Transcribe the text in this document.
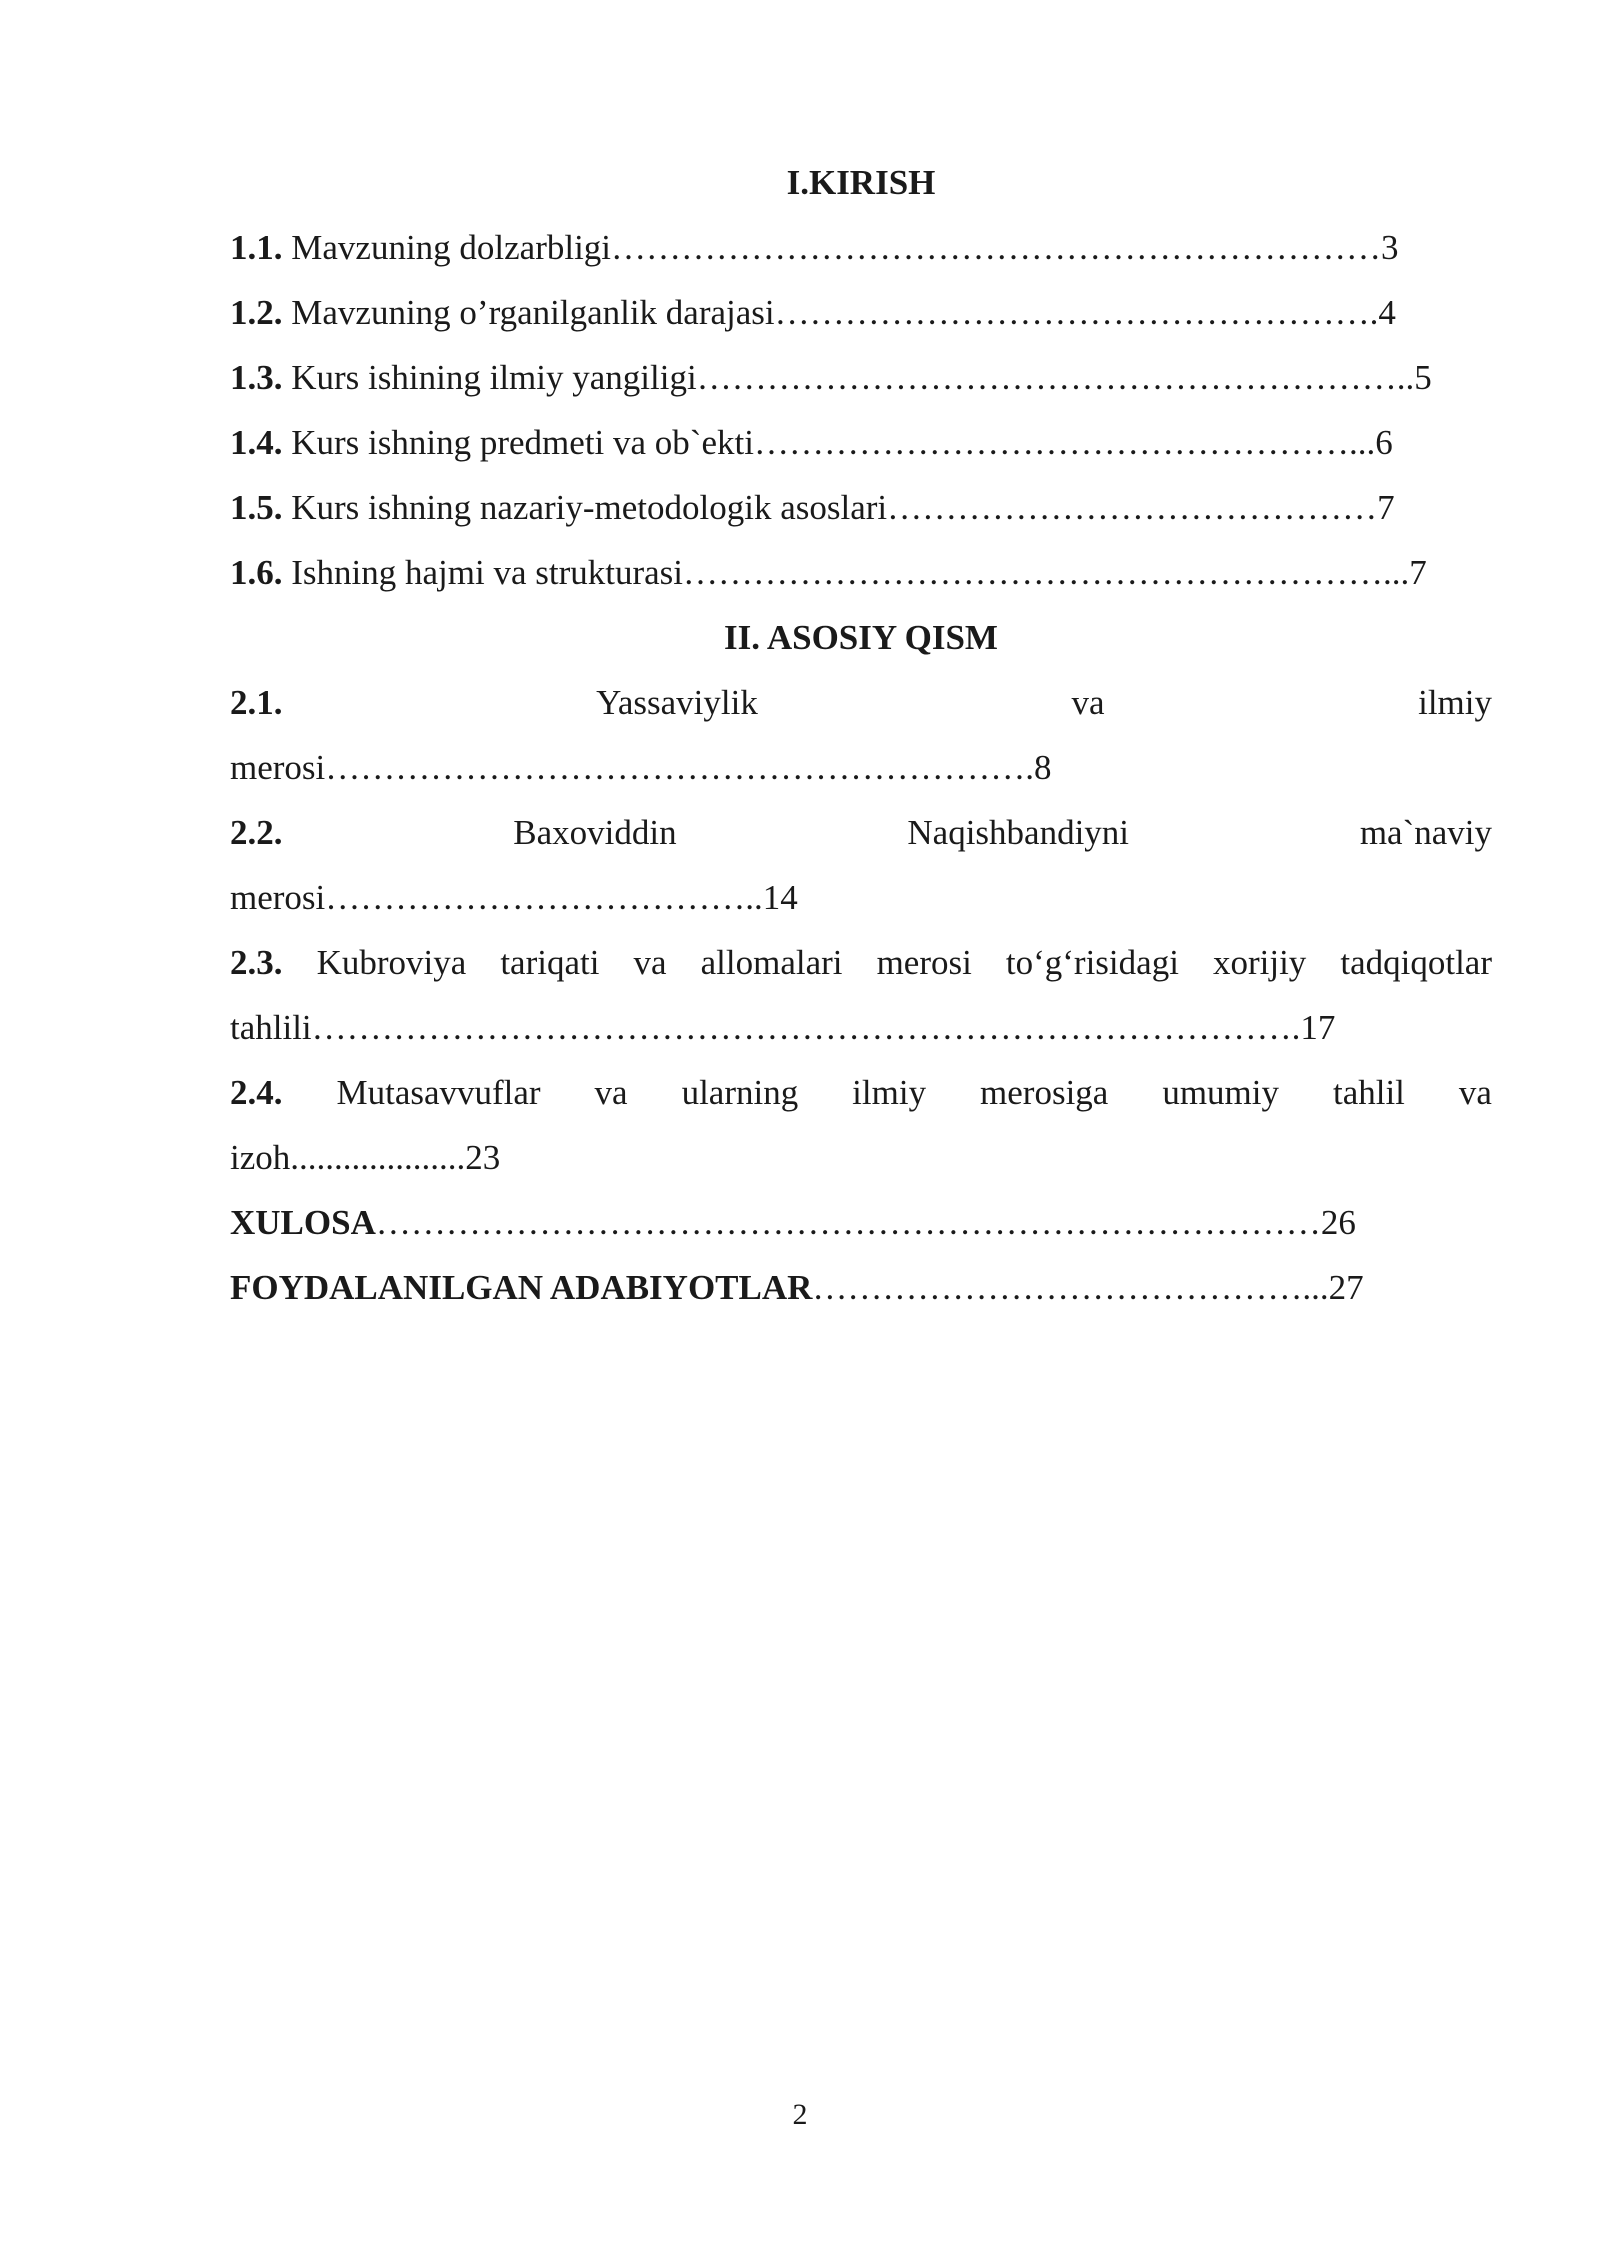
I.KIRISH
1.1. Mavzuning dolzarbligi…………………………………………………………3
1.2. Mavzuning o’rganilganlik darajasi…………………………………………….4
1.3. Kurs ishining ilmiy yangiligi……………………………………………………..5
1.4. Kurs ishning predmeti va ob`ekti……………………………………………...6
1.5. Kurs ishning nazariy-metodologik asoslari……………………………………7
1.6. Ishning hajmi va strukturasi……………………………………………………...7
II. ASOSIY QISM
2.1.	Yassaviylik	va	ilmiy
merosi…………………………………………………….8
2.2.	Baxoviddin	Naqishbandiyni	ma`naviy
merosi………………………………..14
2.3. Kubroviya tariqati va allomalari merosi to‘g‘risidagi xorijiy tadqiqotlar
tahlili………………………………………………………………………….17
2.4. Mutasavvuflar va ularning ilmiy merosiga umumiy tahlil va
izoh....................23
XULOSA………………………………………………………………………26
FOYDALANILGAN ADABIYOTLAR……………………………………...27
2
